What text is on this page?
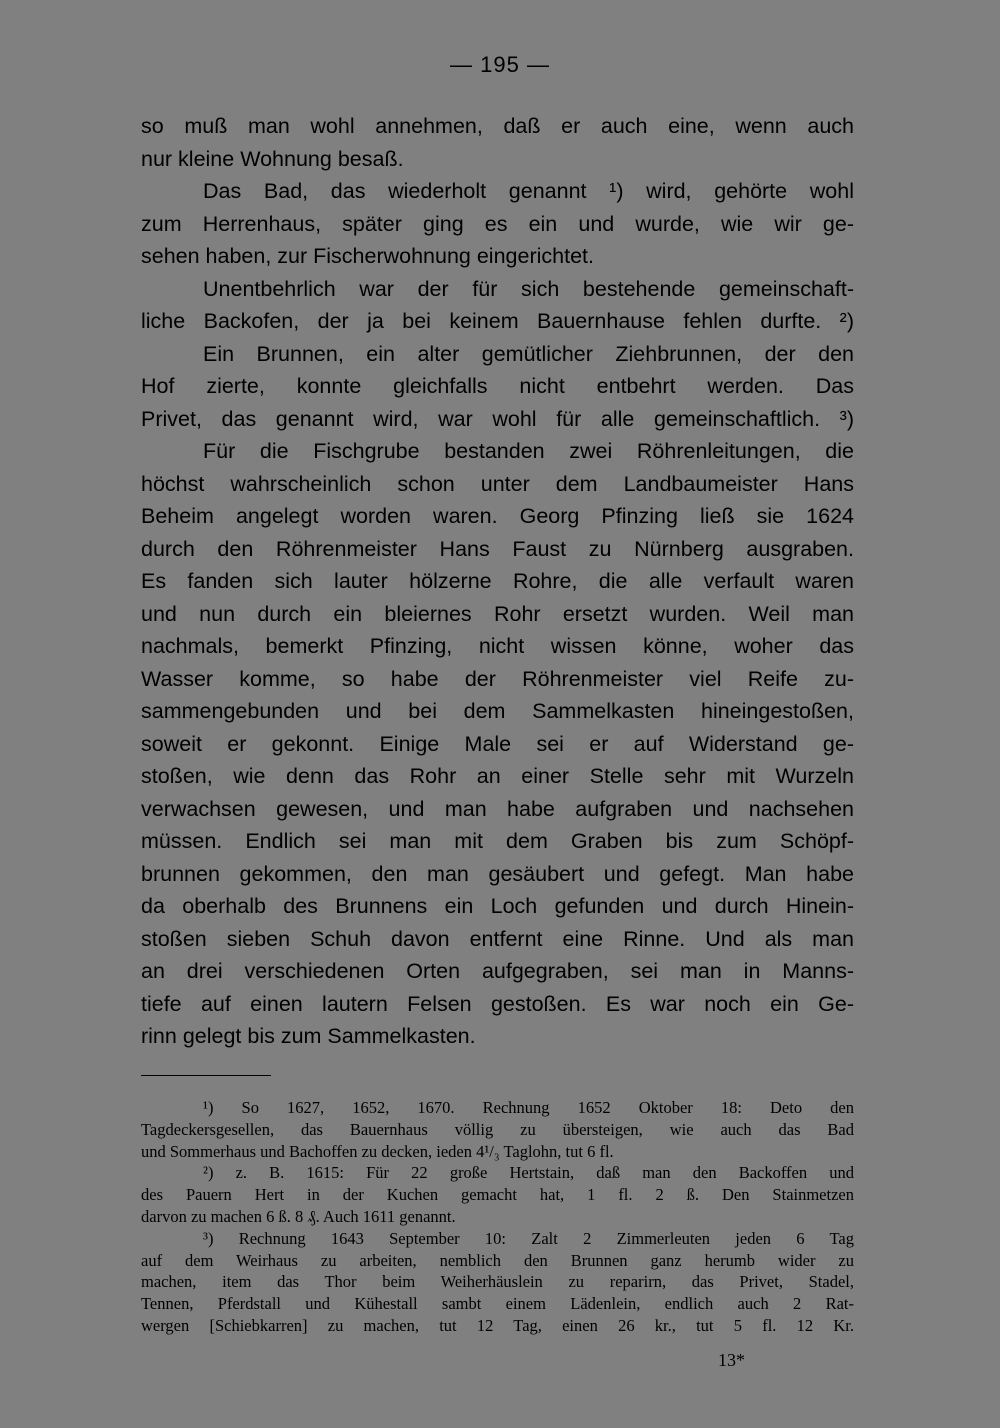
— 195 —
so muß man wohl annehmen, daß er auch eine, wenn auch
nur kleine Wohnung besaß.
Das Bad, das wiederholt genannt ¹) wird, gehörte wohl
zum Herrenhaus, später ging es ein und wurde, wie wir ge-
sehen haben, zur Fischerwohnung eingerichtet.
Unentbehrlich war der für sich bestehende gemeinschaft-
liche Backofen, der ja bei keinem Bauernhause fehlen durfte. ²)
Ein Brunnen, ein alter gemütlicher Ziehbrunnen, der den
Hof zierte, konnte gleichfalls nicht entbehrt werden. Das
Privet, das genannt wird, war wohl für alle gemeinschaftlich. ³)
Für die Fischgrube bestanden zwei Röhrenleitungen, die
höchst wahrscheinlich schon unter dem Landbaumeister Hans
Beheim angelegt worden waren. Georg Pfinzing ließ sie 1624
durch den Röhrenmeister Hans Faust zu Nürnberg ausgraben.
Es fanden sich lauter hölzerne Rohre, die alle verfault waren
und nun durch ein bleiernes Rohr ersetzt wurden. Weil man
nachmals, bemerkt Pfinzing, nicht wissen könne, woher das
Wasser komme, so habe der Röhrenmeister viel Reife zu-
sammengebunden und bei dem Sammelkasten hineingestoßen,
soweit er gekonnt. Einige Male sei er auf Widerstand ge-
stoßen, wie denn das Rohr an einer Stelle sehr mit Wurzeln
verwachsen gewesen, und man habe aufgraben und nachsehen
müssen. Endlich sei man mit dem Graben bis zum Schöpf-
brunnen gekommen, den man gesäubert und gefegt. Man habe
da oberhalb des Brunnens ein Loch gefunden und durch Hinein-
stoßen sieben Schuh davon entfernt eine Rinne. Und als man
an drei verschiedenen Orten aufgegraben, sei man in Manns-
tiefe auf einen lautern Felsen gestoßen. Es war noch ein Ge-
rinn gelegt bis zum Sammelkasten.
¹) So 1627, 1652, 1670. Rechnung 1652 Oktober 18: Deto den
Tagdeckersgesellen, das Bauernhaus völlig zu übersteigen, wie auch das Bad
und Sommerhaus und Bachoffen zu decken, ieden 4¹/₃ Taglohn, tut 6 fl.
²) z. B. 1615: Für 22 große Hertstain, daß man den Backoffen und
des Pauern Hert in der Kuchen gemacht hat, 1 fl. 2 ß. Den Stainmetzen
darvon zu machen 6 ß. 8 ₰. Auch 1611 genannt.
³) Rechnung 1643 September 10: Zalt 2 Zimmerleuten jeden 6 Tag
auf dem Weirhaus zu arbeiten, nemblich den Brunnen ganz herumb wider zu
machen, item das Thor beim Weiherhäuslein zu reparirn, das Privet, Stadel,
Tennen, Pferdstall und Kühestall sambt einem Lädenlein, endlich auch 2 Rat-
wergen [Schiebkarren] zu machen, tut 12 Tag, einen 26 kr., tut 5 fl. 12 Kr.
13*
